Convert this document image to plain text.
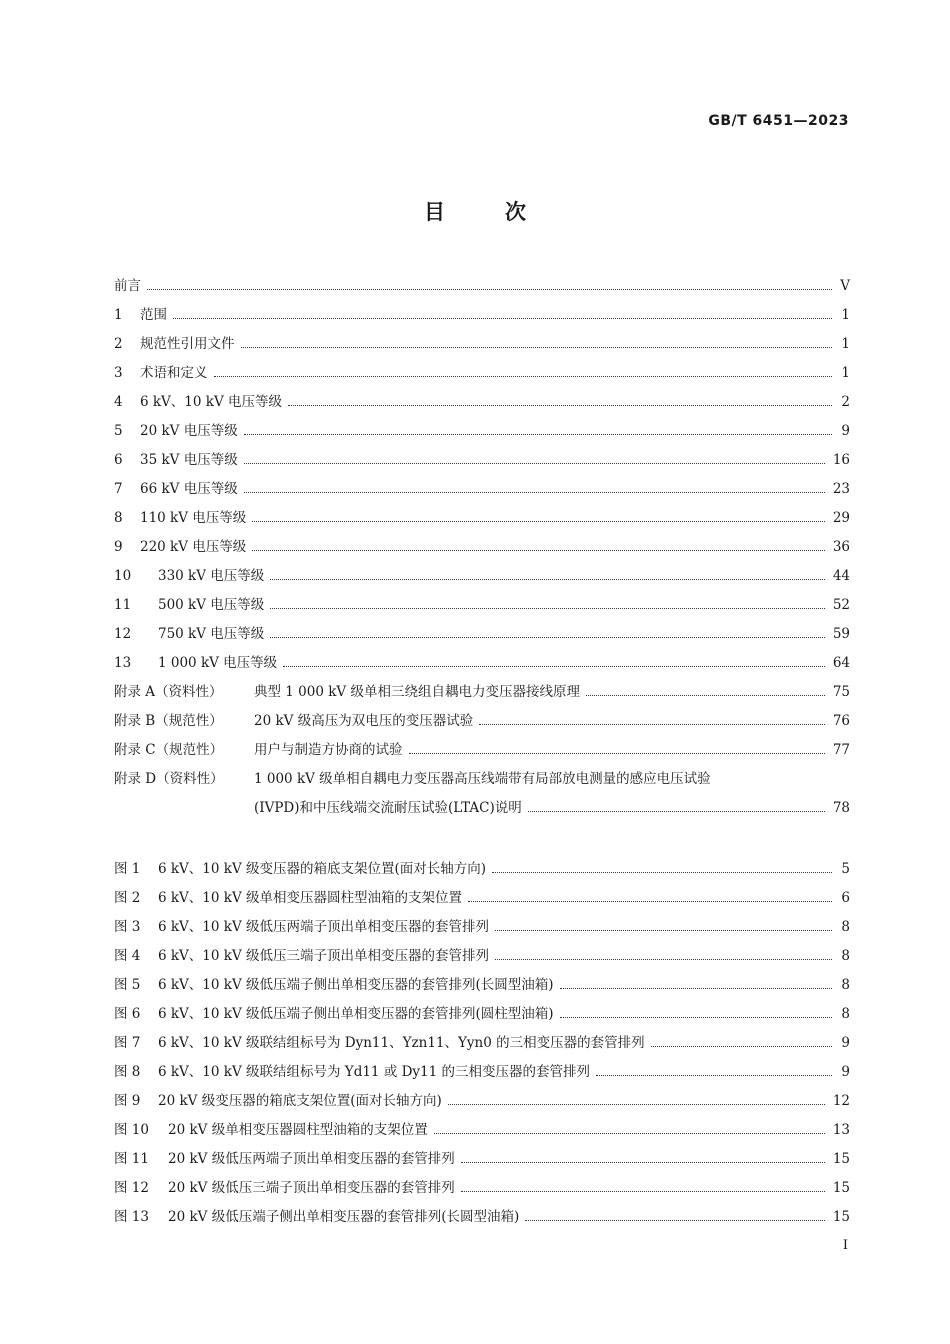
GB/T 6451—2023
目次
前言	Ⅴ
1	范围	1
2	规范性引用文件	1
3	术语和定义	1
4	6 kV、10 kV 电压等级	2
5	20 kV 电压等级	9
6	35 kV 电压等级	16
7	66 kV 电压等级	23
8	110 kV 电压等级	29
9	220 kV 电压等级	36
10	330 kV 电压等级	44
11	500 kV 电压等级	52
12	750 kV 电压等级	59
13	1 000 kV 电压等级	64
附录 A（资料性）	典型 1 000 kV 级单相三绕组自耦电力变压器接线原理	75
附录 B（规范性）	20 kV 级高压为双电压的变压器试验	76
附录 C（规范性）	用户与制造方协商的试验	77
附录 D（资料性）	1 000 kV 级单相自耦电力变压器高压线端带有局部放电测量的感应电压试验
(IVPD)和中压线端交流耐压试验(LTAC)说明	78
图 1	6 kV、10 kV 级变压器的箱底支架位置(面对长轴方向)	5
图 2	6 kV、10 kV 级单相变压器圆柱型油箱的支架位置	6
图 3	6 kV、10 kV 级低压两端子顶出单相变压器的套管排列	8
图 4	6 kV、10 kV 级低压三端子顶出单相变压器的套管排列	8
图 5	6 kV、10 kV 级低压端子侧出单相变压器的套管排列(长圆型油箱)	8
图 6	6 kV、10 kV 级低压端子侧出单相变压器的套管排列(圆柱型油箱)	8
图 7	6 kV、10 kV 级联结组标号为 Dyn11、Yzn11、Yyn0 的三相变压器的套管排列	9
图 8	6 kV、10 kV 级联结组标号为 Yd11 或 Dy11 的三相变压器的套管排列	9
图 9	20 kV 级变压器的箱底支架位置(面对长轴方向)	12
图 10	20 kV 级单相变压器圆柱型油箱的支架位置	13
图 11	20 kV 级低压两端子顶出单相变压器的套管排列	15
图 12	20 kV 级低压三端子顶出单相变压器的套管排列	15
图 13	20 kV 级低压端子侧出单相变压器的套管排列(长圆型油箱)	15
Ⅰ
